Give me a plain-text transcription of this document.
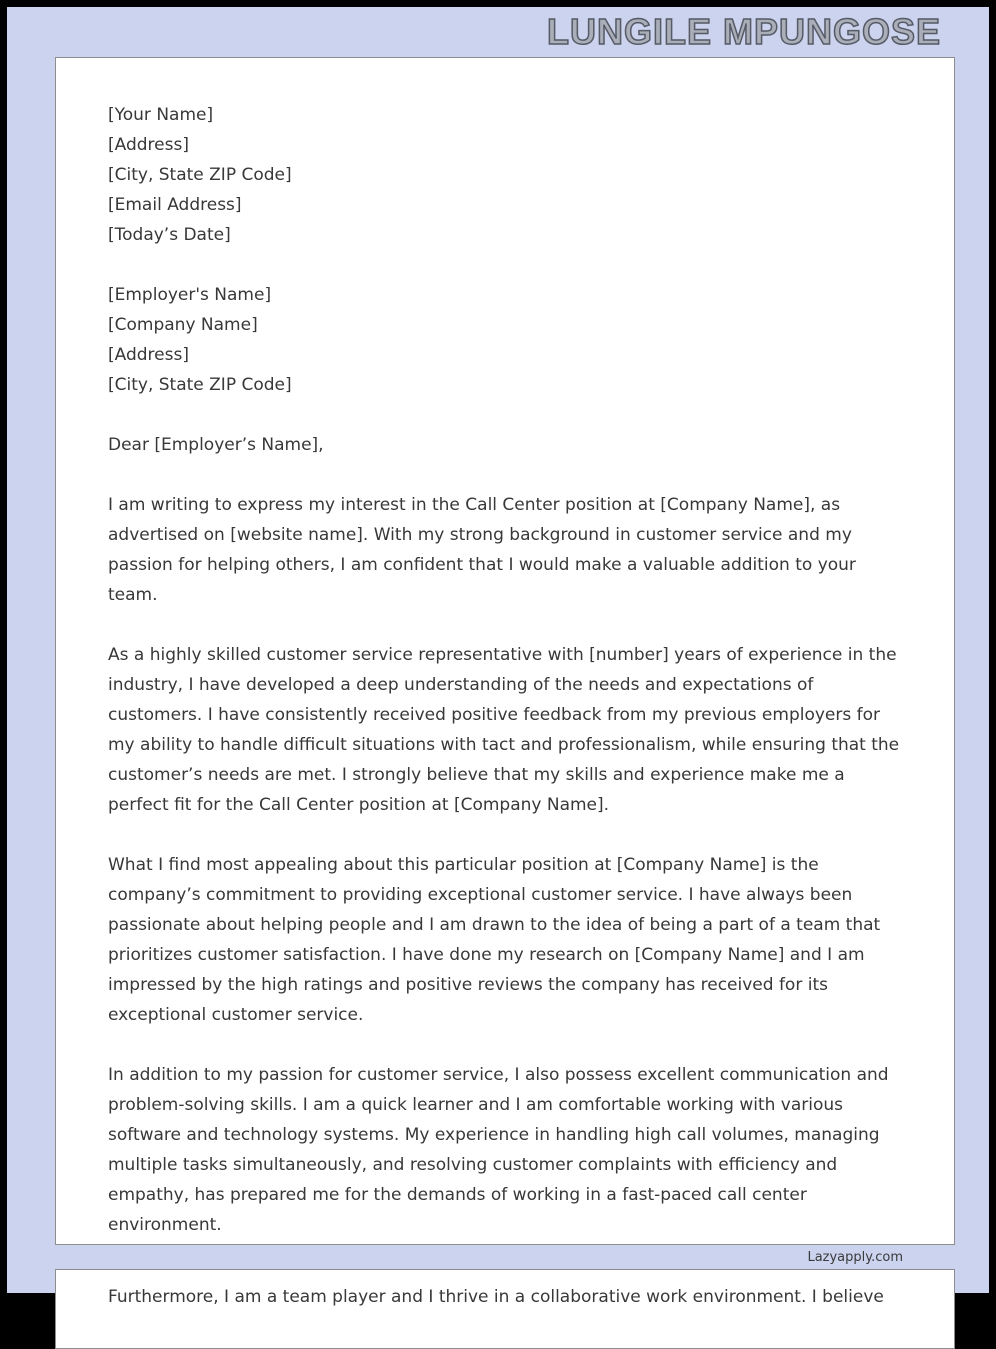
LUNGILE MPUNGOSE
[Your Name]
[Address]
[City, State ZIP Code]
[Email Address]
[Today’s Date]
[Employer's Name]
[Company Name]
[Address]
[City, State ZIP Code]
Dear [Employer’s Name],

I am writing to express my interest in the Call Center position at [Company Name], as advertised on [website name]. With my strong background in customer service and my passion for helping others, I am confident that I would make a valuable addition to your team.

As a highly skilled customer service representative with [number] years of experience in the industry, I have developed a deep understanding of the needs and expectations of customers. I have consistently received positive feedback from my previous employers for my ability to handle difficult situations with tact and professionalism, while ensuring that the customer’s needs are met. I strongly believe that my skills and experience make me a perfect fit for the Call Center position at [Company Name].

What I find most appealing about this particular position at [Company Name] is the company’s commitment to providing exceptional customer service. I have always been passionate about helping people and I am drawn to the idea of being a part of a team that prioritizes customer satisfaction. I have done my research on [Company Name] and I am impressed by the high ratings and positive reviews the company has received for its exceptional customer service.

In addition to my passion for customer service, I also possess excellent communication and problem-solving skills. I am a quick learner and I am comfortable working with various software and technology systems. My experience in handling high call volumes, managing multiple tasks simultaneously, and resolving customer complaints with efficiency and empathy, has prepared me for the demands of working in a fast-paced call center environment.

Lazyapply.com

Furthermore, I am a team player and I thrive in a collaborative work environment. I believe
